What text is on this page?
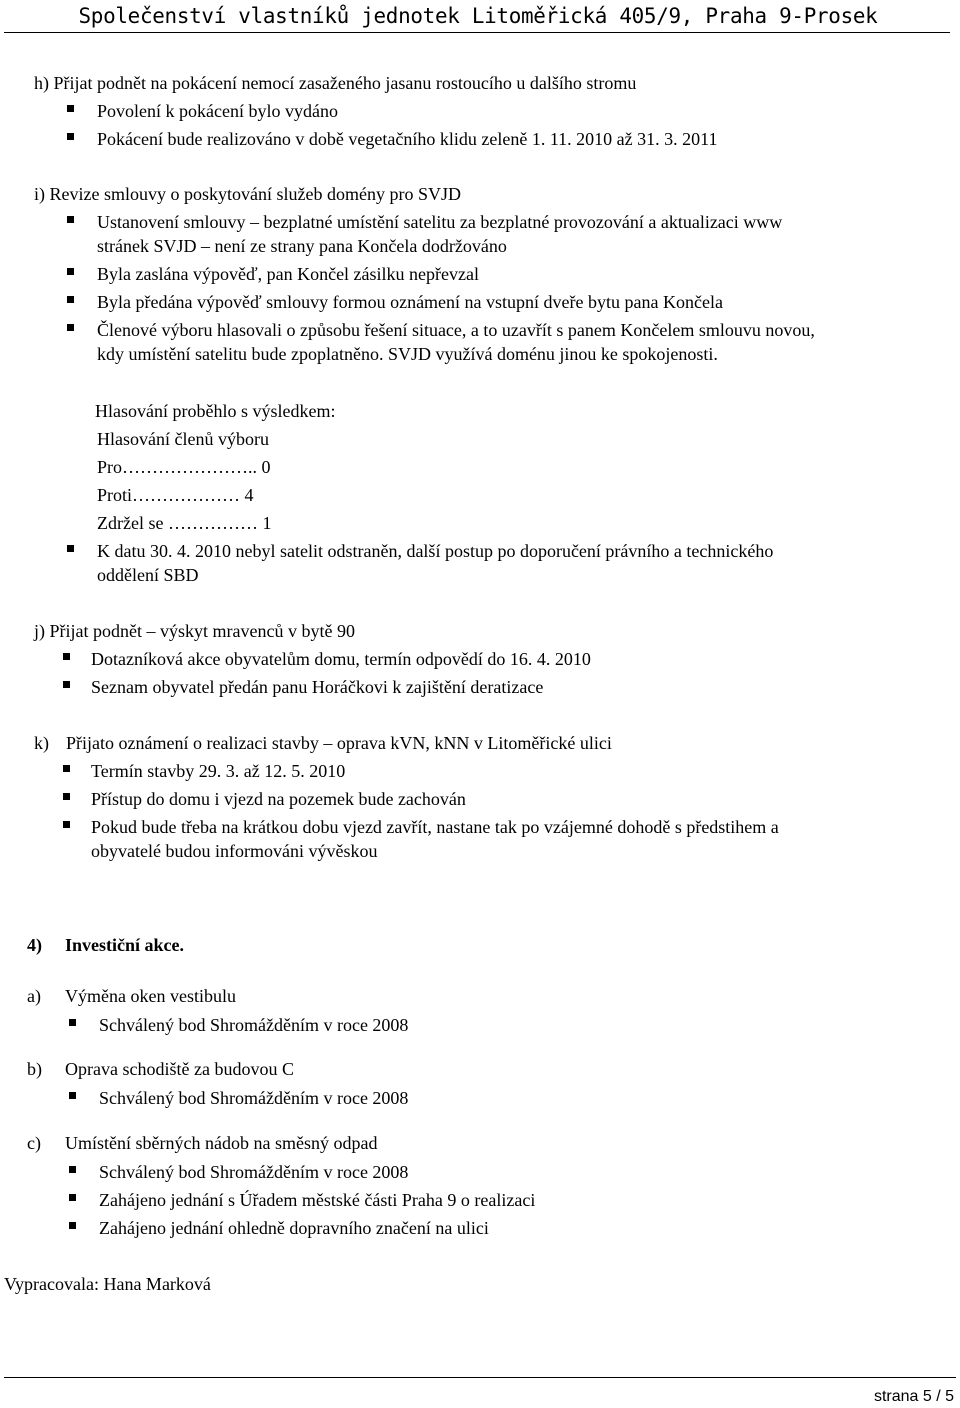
Společenství vlastníků jednotek Litoměřická 405/9, Praha 9-Prosek
h) Přijat podnět na pokácení nemocí zasaženého jasanu rostoucího u dalšího stromu
Povolení k pokácení bylo vydáno
Pokácení bude realizováno v době vegetačního klidu zeleně 1. 11. 2010 až 31. 3. 2011
i) Revize smlouvy o poskytování služeb domény pro SVJD
Ustanovení smlouvy – bezplatné umístění satelitu za bezplatné provozování a aktualizaci www
stránek SVJD – není ze strany pana Končela dodržováno
Byla zaslána výpověď, pan Končel zásilku nepřevzal
Byla předána výpověď smlouvy formou oznámení na vstupní dveře bytu pana Končela
Členové výboru hlasovali o způsobu řešení situace, a to uzavřít s panem Končelem smlouvu novou,
kdy umístění satelitu bude zpoplatněno. SVJD využívá doménu jinou ke spokojenosti.
Hlasování proběhlo s výsledkem:
Hlasování členů výboru
Pro………………….. 0
Proti……………… 4
Zdržel se …………… 1
K datu 30. 4. 2010 nebyl satelit odstraněn, další postup po doporučení právního a technického
oddělení SBD
j) Přijat podnět – výskyt mravenců v bytě 90
Dotazníková akce obyvatelům domu, termín odpovědí do 16. 4. 2010
Seznam obyvatel předán panu Horáčkovi k zajištění deratizace
k) Přijato oznámení o realizaci stavby – oprava kVN, kNN v Litoměřické ulici
Termín stavby 29. 3. až 12. 5. 2010
Přístup do domu i vjezd na pozemek bude zachován
Pokud bude třeba na krátkou dobu vjezd zavřít, nastane tak po vzájemné dohodě s předstihem a
obyvatelé budou informováni vývěskou
4) Investiční akce.
a) Výměna oken vestibulu
Schválený bod Shromážděním v roce 2008
b) Oprava schodiště za budovou C
Schválený bod Shromážděním v roce 2008
c) Umístění sběrných nádob na směsný odpad
Schválený bod Shromážděním v roce 2008
Zahájeno jednání s Úřadem městské části Praha 9 o realizaci
Zahájeno jednání ohledně dopravního značení na ulici
Vypracovala: Hana Marková
strana 5 / 5
